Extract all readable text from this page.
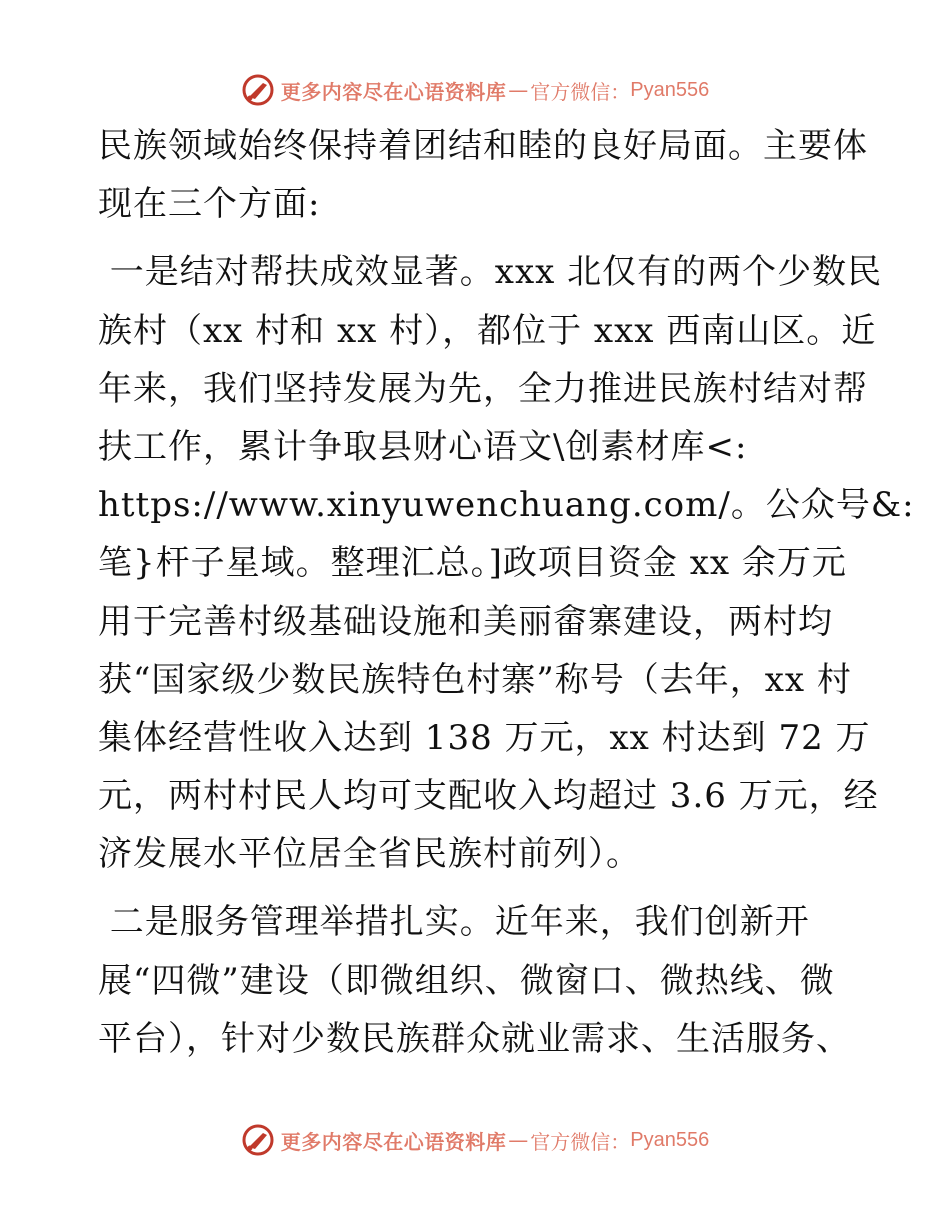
更多内容尽在心语资料库 — 官方微信： Pyan556
民族领域始终保持着团结和睦的良好局面。主要体
现在三个方面:
一是结对帮扶成效显著。xxx 北仅有的两个少数民
族村（xx 村和 xx 村），都位于 xxx 西南山区。近
年来，我们坚持发展为先，全力推进民族村结对帮
扶工作，累计争取县财心语文\创素材库<:
https://www.xinyuwenchuang.com/。公众号&:
笔}杆子星域。整理汇总。]政项目资金 xx 余万元
用于完善村级基础设施和美丽畲寨建设，两村均
获“国家级少数民族特色村寨”称号（去年，xx 村
集体经营性收入达到 138 万元，xx 村达到 72 万
元，两村村民人均可支配收入均超过 3.6 万元，经
济发展水平位居全省民族村前列）。
二是服务管理举措扎实。近年来，我们创新开
展“四微”建设（即微组织、微窗口、微热线、微
平台），针对少数民族群众就业需求、生活服务、
更多内容尽在心语资料库 — 官方微信： Pyan556
